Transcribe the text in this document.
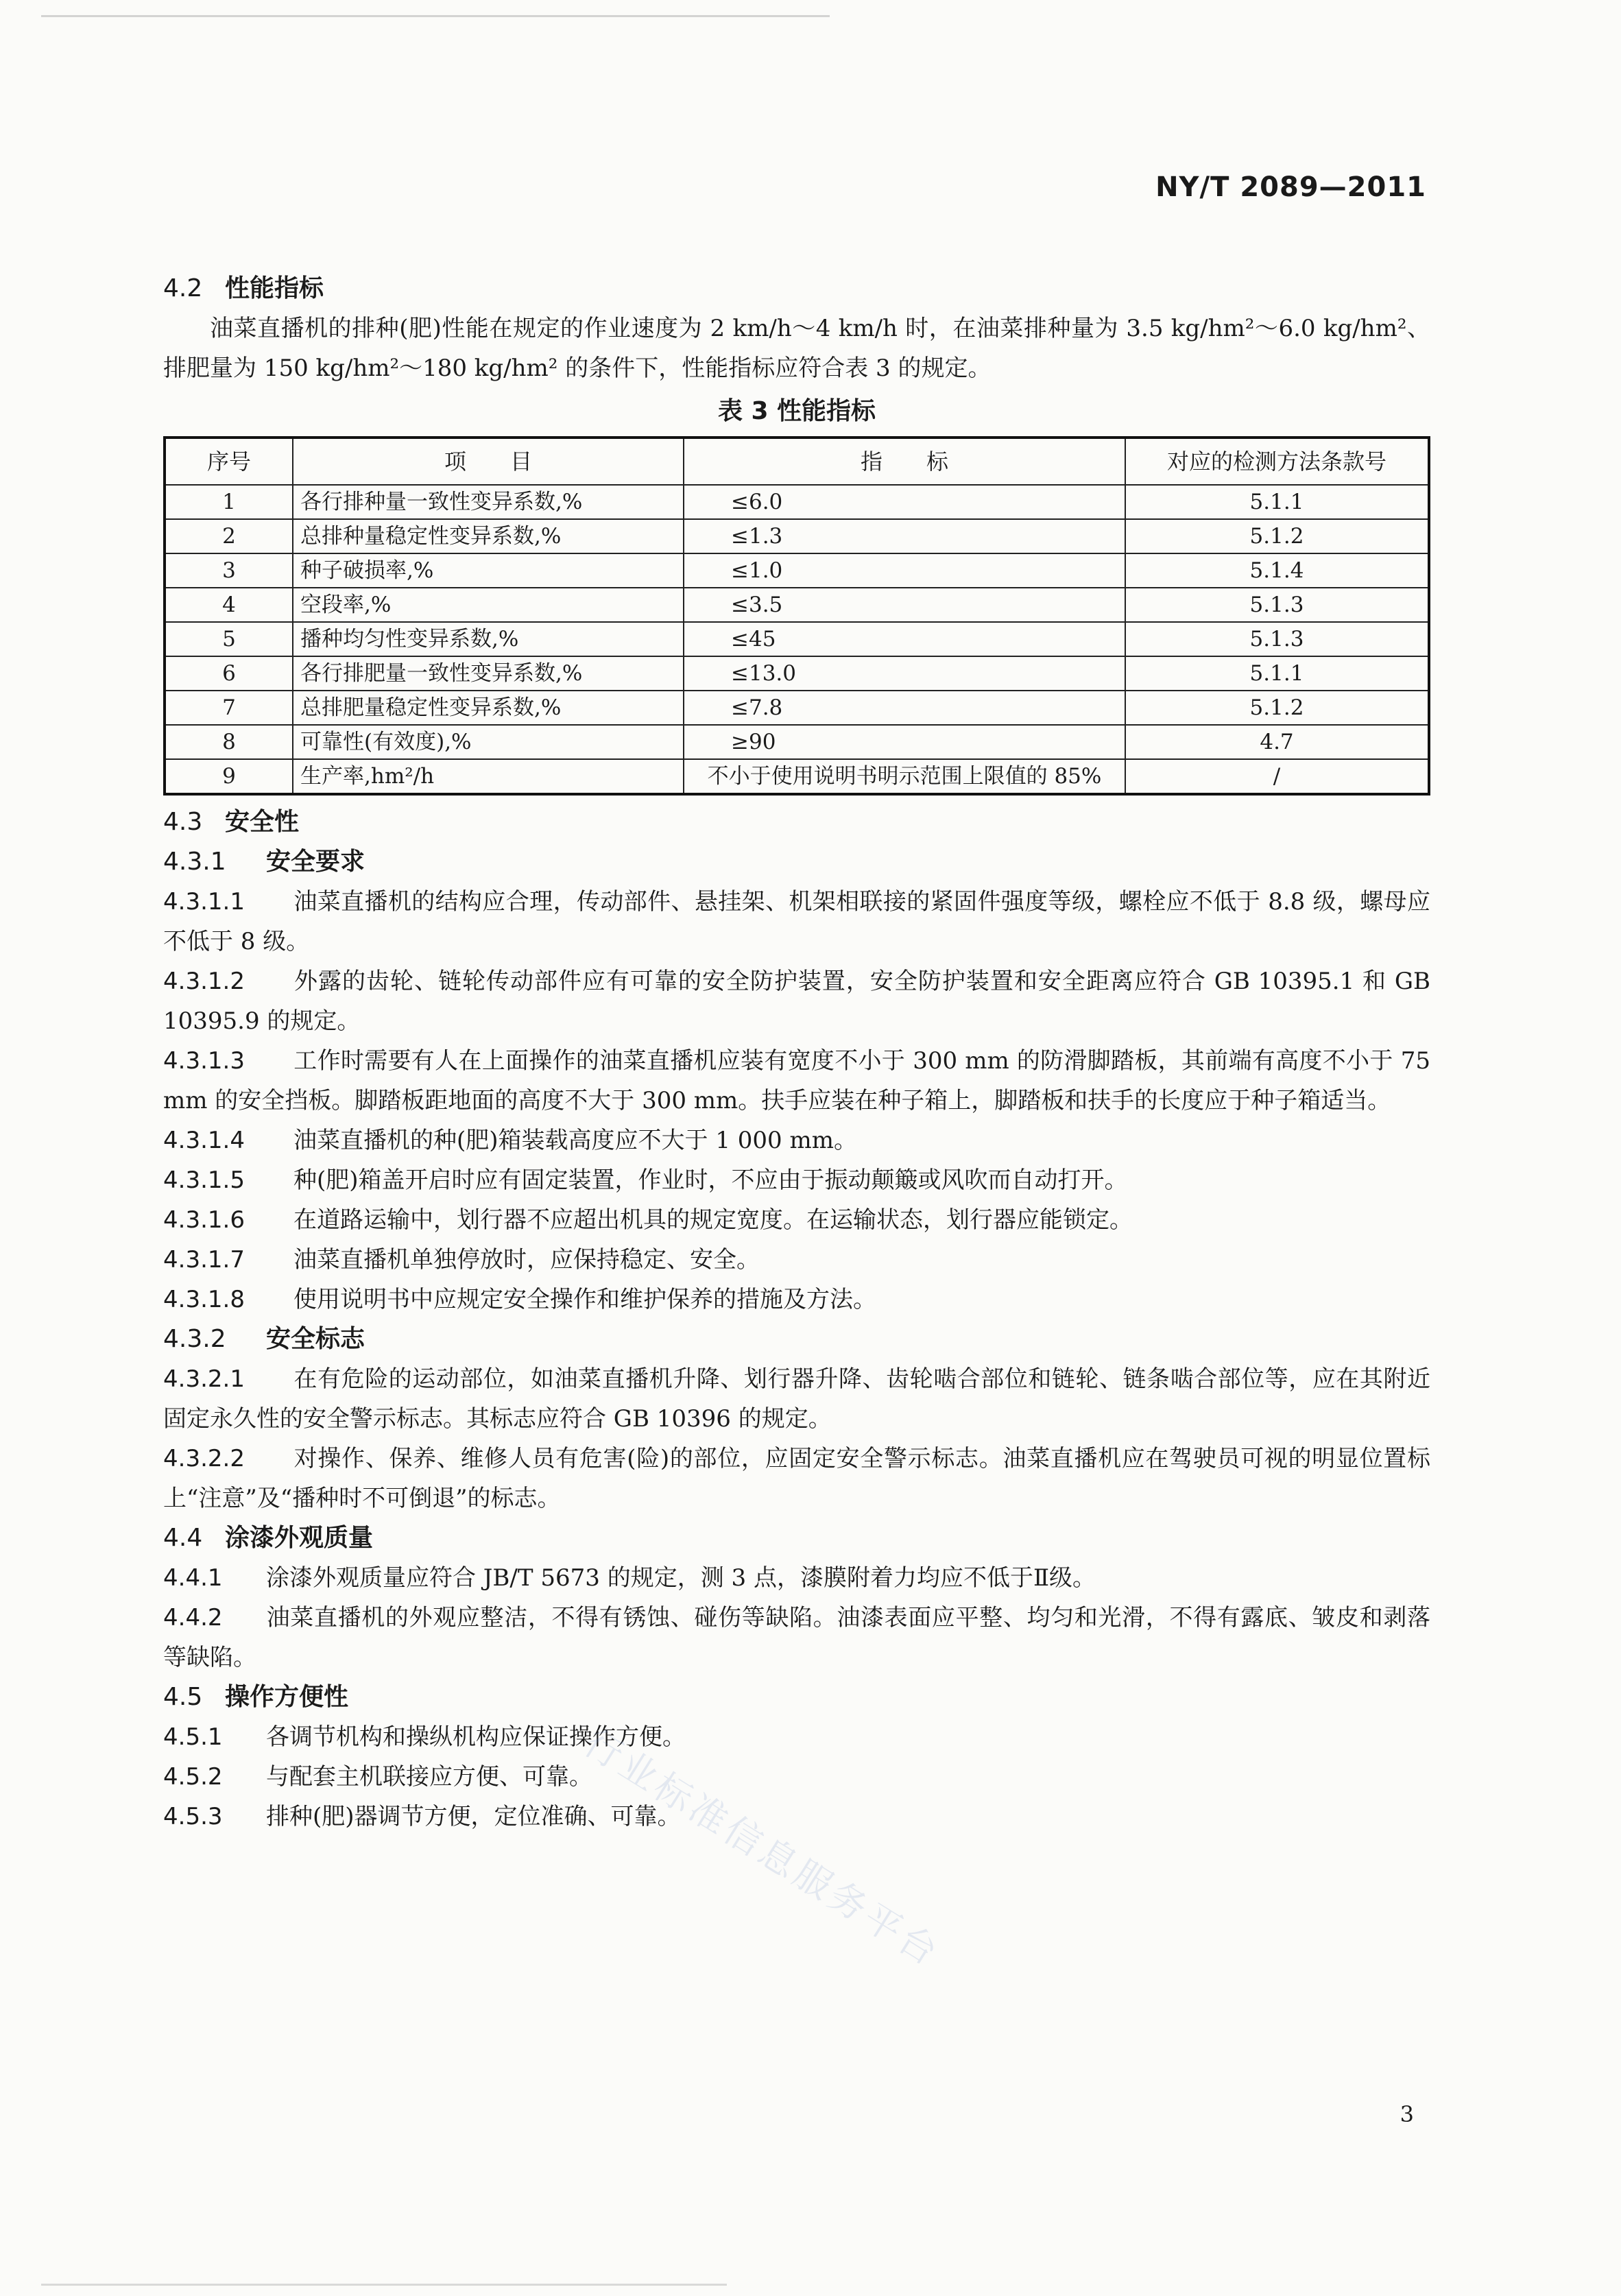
NY/T 2089—2011
4.2 性能指标
油菜直播机的排种(肥)性能在规定的作业速度为 2 km/h～4 km/h 时，在油菜排种量为 3.5 kg/hm²～6.0 kg/hm²、排肥量为 150 kg/hm²～180 kg/hm² 的条件下，性能指标应符合表 3 的规定。
表 3 性能指标
序号	项　　目	指　　标	对应的检测方法条款号
1	各行排种量一致性变异系数,%	≤6.0	5.1.1
2	总排种量稳定性变异系数,%	≤1.3	5.1.2
3	种子破损率,%	≤1.0	5.1.4
4	空段率,%	≤3.5	5.1.3
5	播种均匀性变异系数,%	≤45	5.1.3
6	各行排肥量一致性变异系数,%	≤13.0	5.1.1
7	总排肥量稳定性变异系数,%	≤7.8	5.1.2
8	可靠性(有效度),%	≥90	4.7
9	生产率,hm²/h	不小于使用说明书明示范围上限值的 85%	/
4.3 安全性
4.3.1 安全要求
4.3.1.1 油菜直播机的结构应合理，传动部件、悬挂架、机架相联接的紧固件强度等级，螺栓应不低于 8.8 级，螺母应不低于 8 级。
4.3.1.2 外露的齿轮、链轮传动部件应有可靠的安全防护装置，安全防护装置和安全距离应符合 GB 10395.1 和 GB 10395.9 的规定。
4.3.1.3 工作时需要有人在上面操作的油菜直播机应装有宽度不小于 300 mm 的防滑脚踏板，其前端有高度不小于 75 mm 的安全挡板。脚踏板距地面的高度不大于 300 mm。扶手应装在种子箱上，脚踏板和扶手的长度应于种子箱适当。
4.3.1.4 油菜直播机的种(肥)箱装载高度应不大于 1 000 mm。
4.3.1.5 种(肥)箱盖开启时应有固定装置，作业时，不应由于振动颠簸或风吹而自动打开。
4.3.1.6 在道路运输中，划行器不应超出机具的规定宽度。在运输状态，划行器应能锁定。
4.3.1.7 油菜直播机单独停放时，应保持稳定、安全。
4.3.1.8 使用说明书中应规定安全操作和维护保养的措施及方法。
4.3.2 安全标志
4.3.2.1 在有危险的运动部位，如油菜直播机升降、划行器升降、齿轮啮合部位和链轮、链条啮合部位等，应在其附近固定永久性的安全警示标志。其标志应符合 GB 10396 的规定。
4.3.2.2 对操作、保养、维修人员有危害(险)的部位，应固定安全警示标志。油菜直播机应在驾驶员可视的明显位置标上“注意”及“播种时不可倒退”的标志。
4.4 涂漆外观质量
4.4.1 涂漆外观质量应符合 JB/T 5673 的规定，测 3 点，漆膜附着力均应不低于Ⅱ级。
4.4.2 油菜直播机的外观应整洁，不得有锈蚀、碰伤等缺陷。油漆表面应平整、均匀和光滑，不得有露底、皱皮和剥落等缺陷。
4.5 操作方便性
4.5.1 各调节机构和操纵机构应保证操作方便。
4.5.2 与配套主机联接应方便、可靠。
4.5.3 排种(肥)器调节方便，定位准确、可靠。
行业标准信息服务平台
3
